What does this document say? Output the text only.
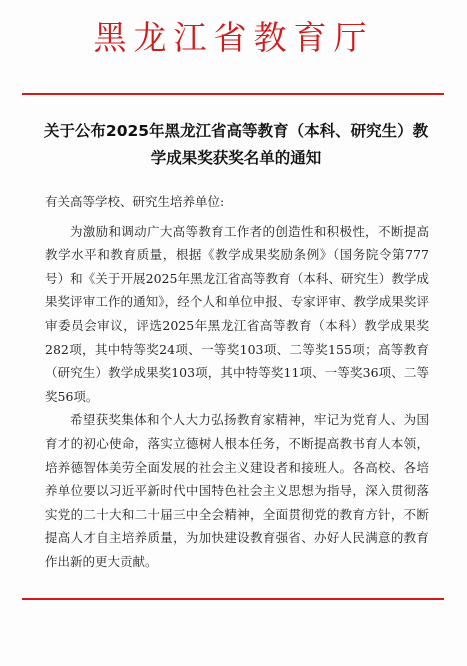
黑龙江省教育厅
关于公布2025年黑龙江省高等教育（本科、研究生）教学成果奖获奖名单的通知

有关高等学校、研究生培养单位:

为激励和调动广大高等教育工作者的创造性和积极性，不断提高教学水平和教育质量，根据《教学成果奖励条例》（国务院令第777号）和《关于开展2025年黑龙江省高等教育（本科、研究生）教学成果奖评审工作的通知》，经个人和单位申报、专家评审、教学成果奖评审委员会审议，评选2025年黑龙江省高等教育（本科）教学成果奖282项，其中特等奖24项、一等奖103项、二等奖155项；高等教育（研究生）教学成果奖103项，其中特等奖11项、一等奖36项、二等奖56项。

希望获奖集体和个人大力弘扬教育家精神，牢记为党育人、为国育才的初心使命，落实立德树人根本任务，不断提高教书育人本领，培养德智体美劳全面发展的社会主义建设者和接班人。各高校、各培养单位要以习近平新时代中国特色社会主义思想为指导，深入贯彻落实党的二十大和二十届三中全会精神，全面贯彻党的教育方针，不断提高人才自主培养质量，为加快建设教育强省、办好人民满意的教育作出新的更大贡献。
